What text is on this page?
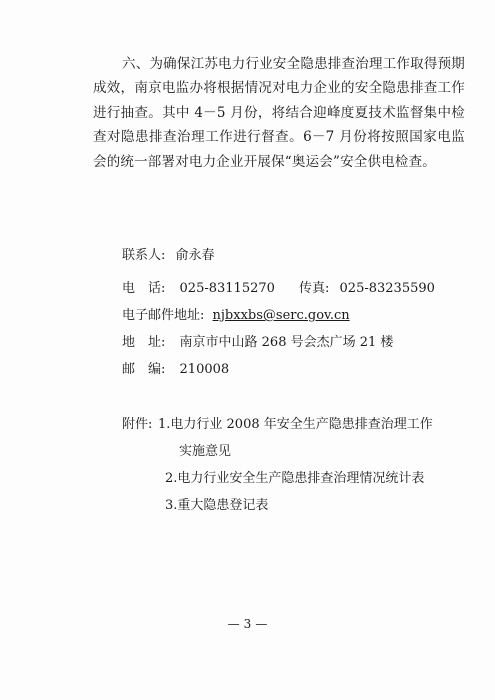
六、为确保江苏电力行业安全隐患排查治理工作取得预期成效，南京电监办将根据情况对电力企业的安全隐患排查工作进行抽查。其中 4－5 月份，将结合迎峰度夏技术监督集中检查对隐患排查治理工作进行督查。6－7 月份将按照国家电监会的统一部署对电力企业开展保“奥运会”安全供电检查。
联系人: 俞永春
电　话: 025-83115270 传真: 025-83235590
电子邮件地址: njbxxbs@serc.gov.cn
地　址: 南京市中山路 268 号会杰广场 21 楼
邮　编: 210008
附件: 1.电力行业 2008 年安全生产隐患排查治理工作
实施意见
2.电力行业安全生产隐患排查治理情况统计表
3.重大隐患登记表
— 3 —
